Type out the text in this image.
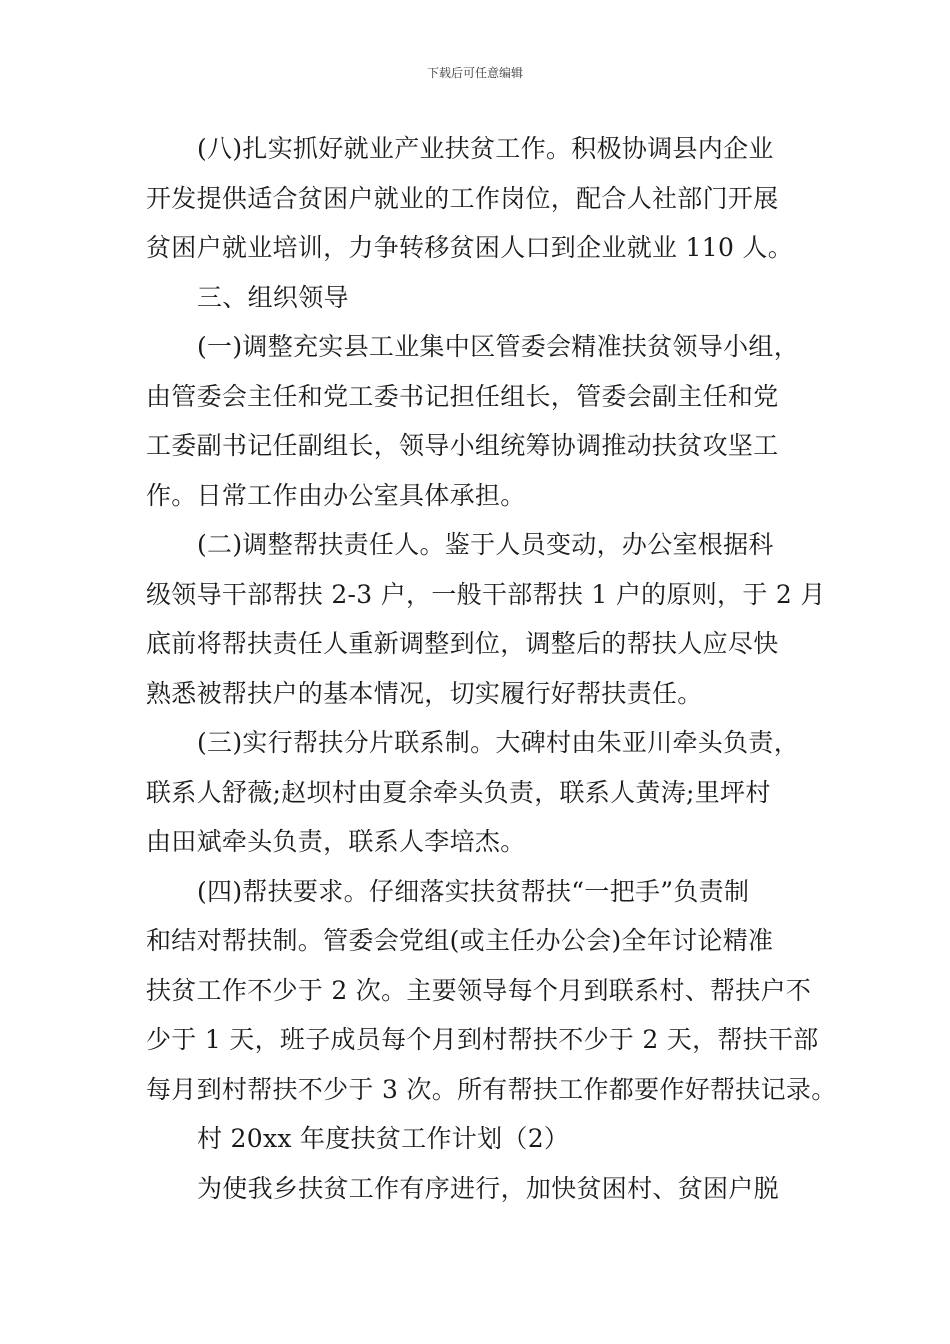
下载后可任意编辑
(八)扎实抓好就业产业扶贫工作。积极协调县内企业
开发提供适合贫困户就业的工作岗位，配合人社部门开展
贫困户就业培训，力争转移贫困人口到企业就业 110 人。
三、组织领导
(一)调整充实县工业集中区管委会精准扶贫领导小组，
由管委会主任和党工委书记担任组长，管委会副主任和党
工委副书记任副组长，领导小组统筹协调推动扶贫攻坚工
作。日常工作由办公室具体承担。
(二)调整帮扶责任人。鉴于人员变动，办公室根据科
级领导干部帮扶 2-3 户，一般干部帮扶 1 户的原则，于 2 月
底前将帮扶责任人重新调整到位，调整后的帮扶人应尽快
熟悉被帮扶户的基本情况，切实履行好帮扶责任。
(三)实行帮扶分片联系制。大碑村由朱亚川牵头负责，
联系人舒薇;赵坝村由夏余牵头负责，联系人黄涛;里坪村
由田斌牵头负责，联系人李培杰。
(四)帮扶要求。仔细落实扶贫帮扶“一把手”负责制
和结对帮扶制。管委会党组(或主任办公会)全年讨论精准
扶贫工作不少于 2 次。主要领导每个月到联系村、帮扶户不
少于 1 天，班子成员每个月到村帮扶不少于 2 天，帮扶干部
每月到村帮扶不少于 3 次。所有帮扶工作都要作好帮扶记录。
村 20xx 年度扶贫工作计划（2）
为使我乡扶贫工作有序进行，加快贫困村、贫困户脱
